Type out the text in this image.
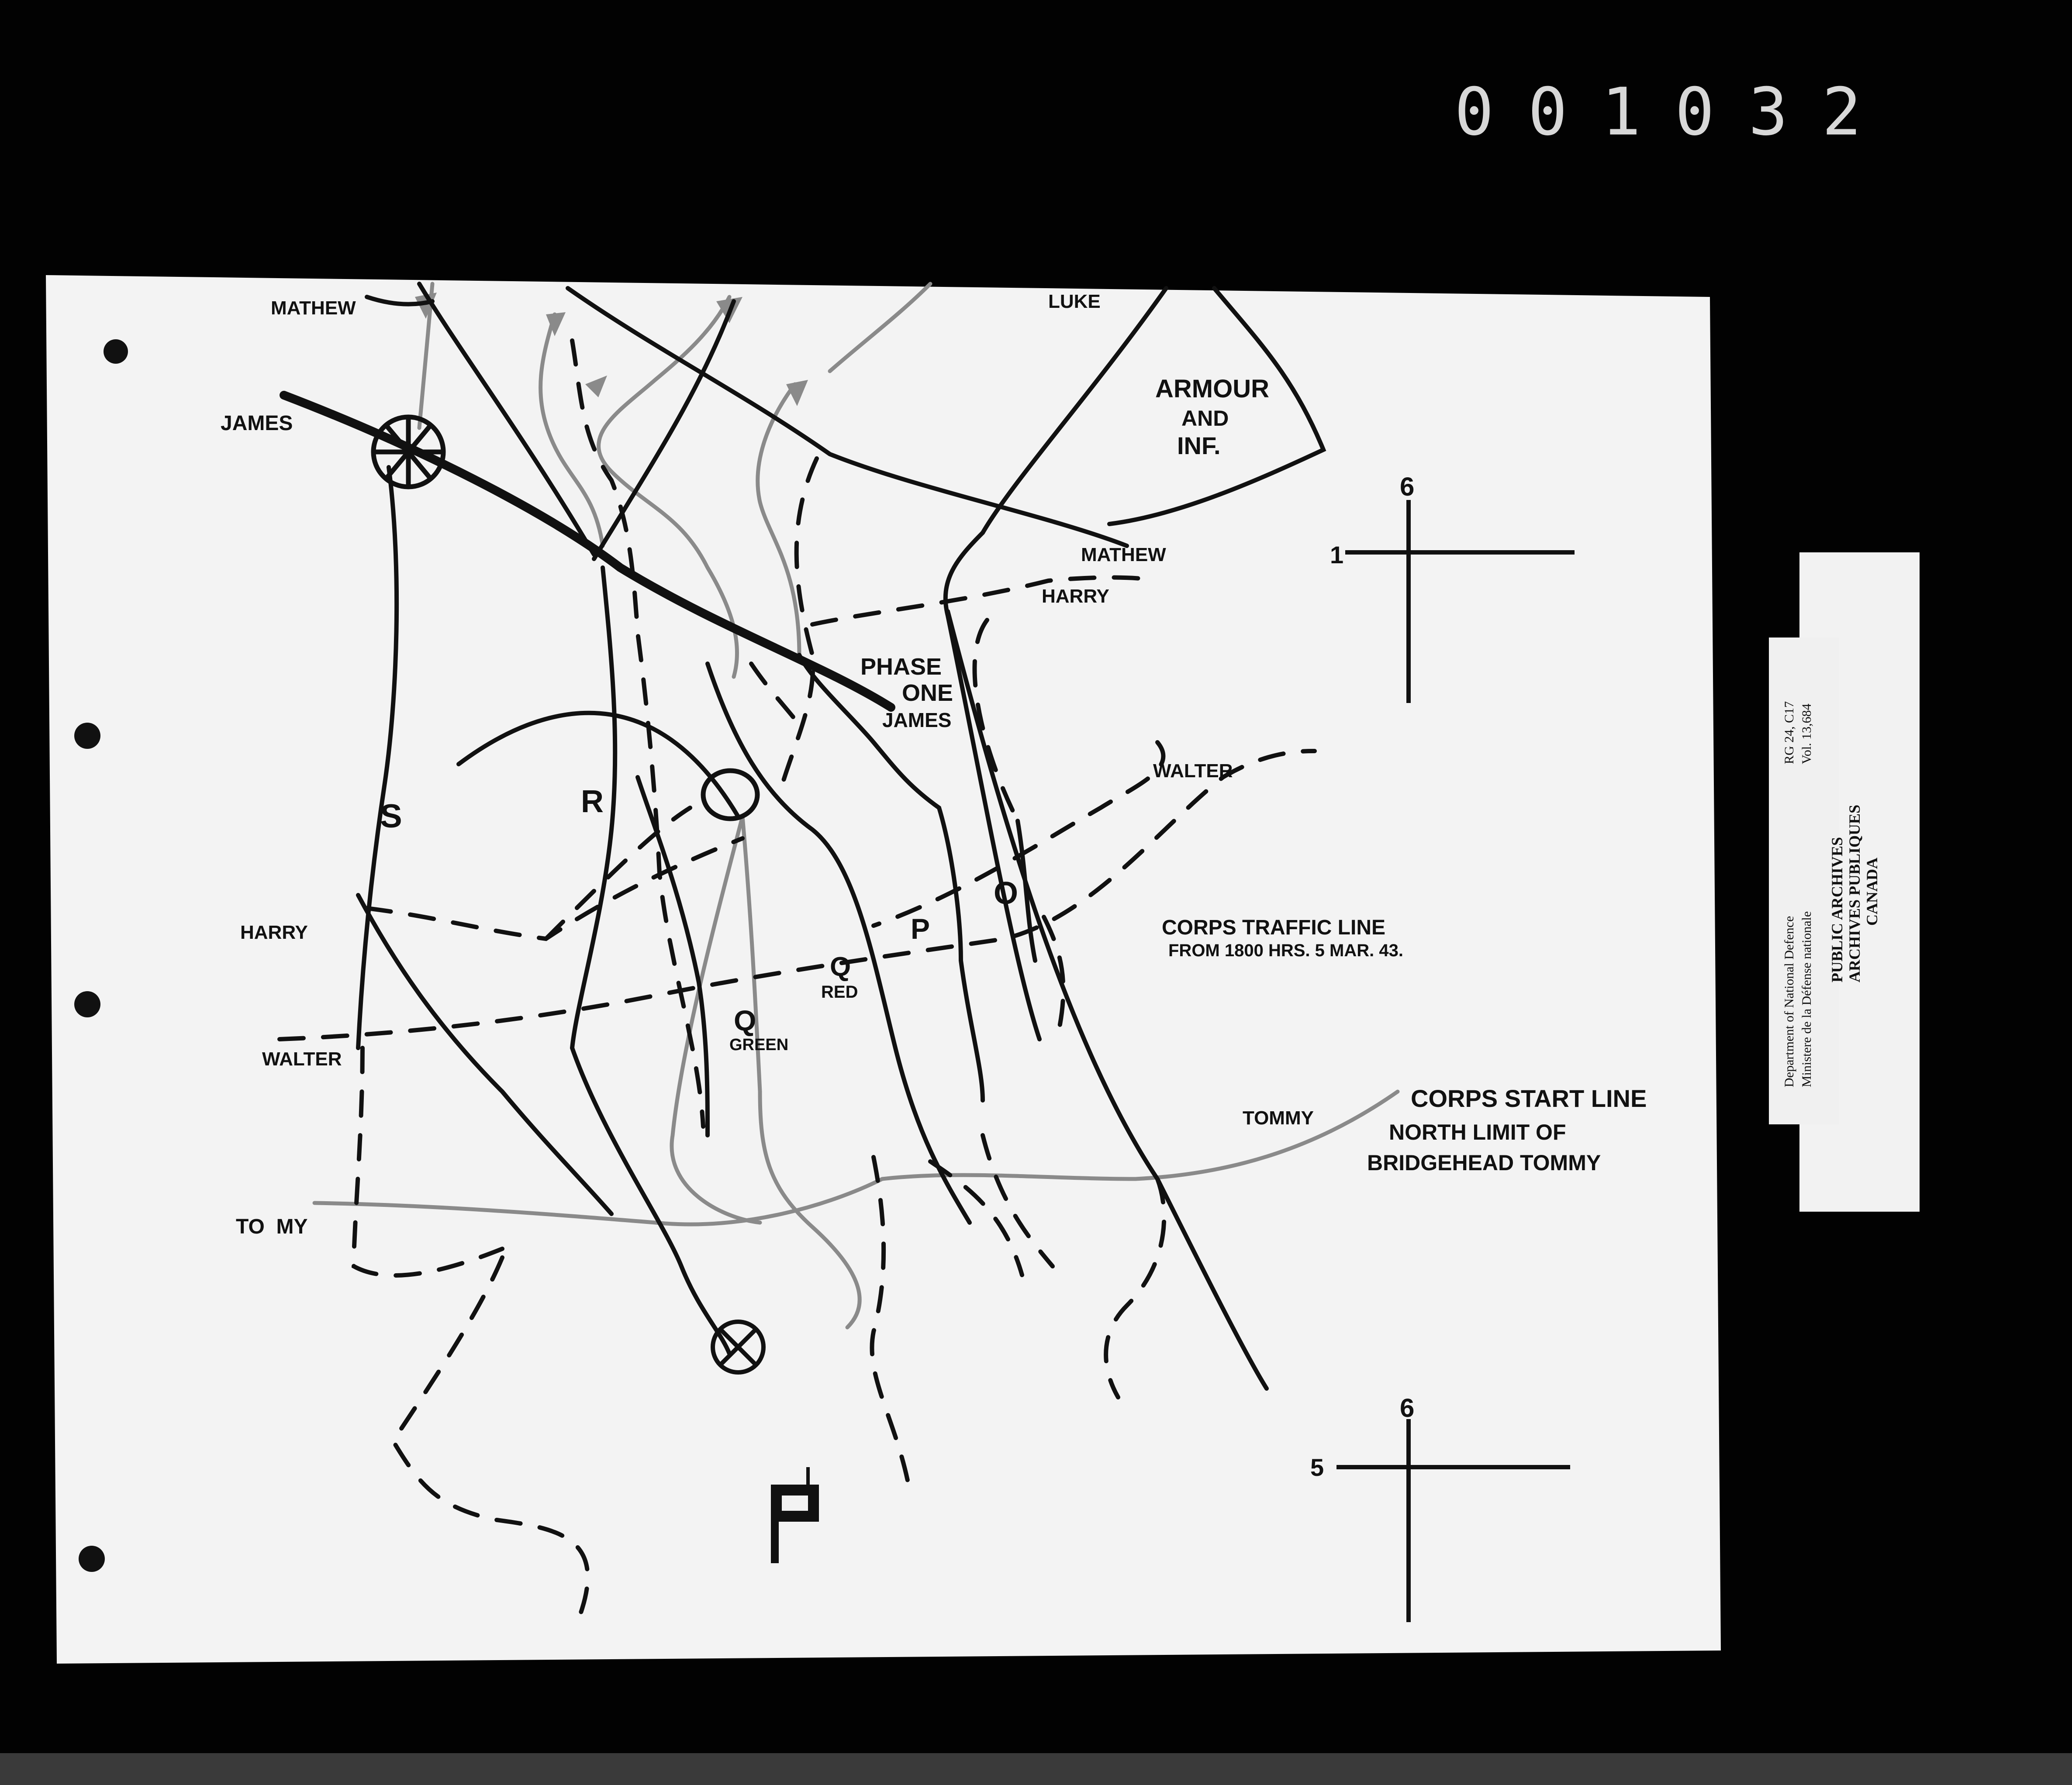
001032
MATHEW	LUKE
JAMES
MATHEW
HARRY
PHASE
ONE
JAMES
WALTER
HARRY
WALTER
TOMMY
TO  MY
ARMOUR
AND
INF.
CORPS TRAFFIC LINE
FROM 1800 HRS. 5 MAR. 43.
CORPS START LINE
NORTH LIMIT OF
BRIDGEHEAD TOMMY
S	R
O
P
Q
RED
Q
GREEN
6
1
6
5
Department of National Defence Ministere de la Défense nationale
RG 24, C17 Vol. 13,684
PUBLIC ARCHIVES ARCHIVES PUBLIQUES CANADA
